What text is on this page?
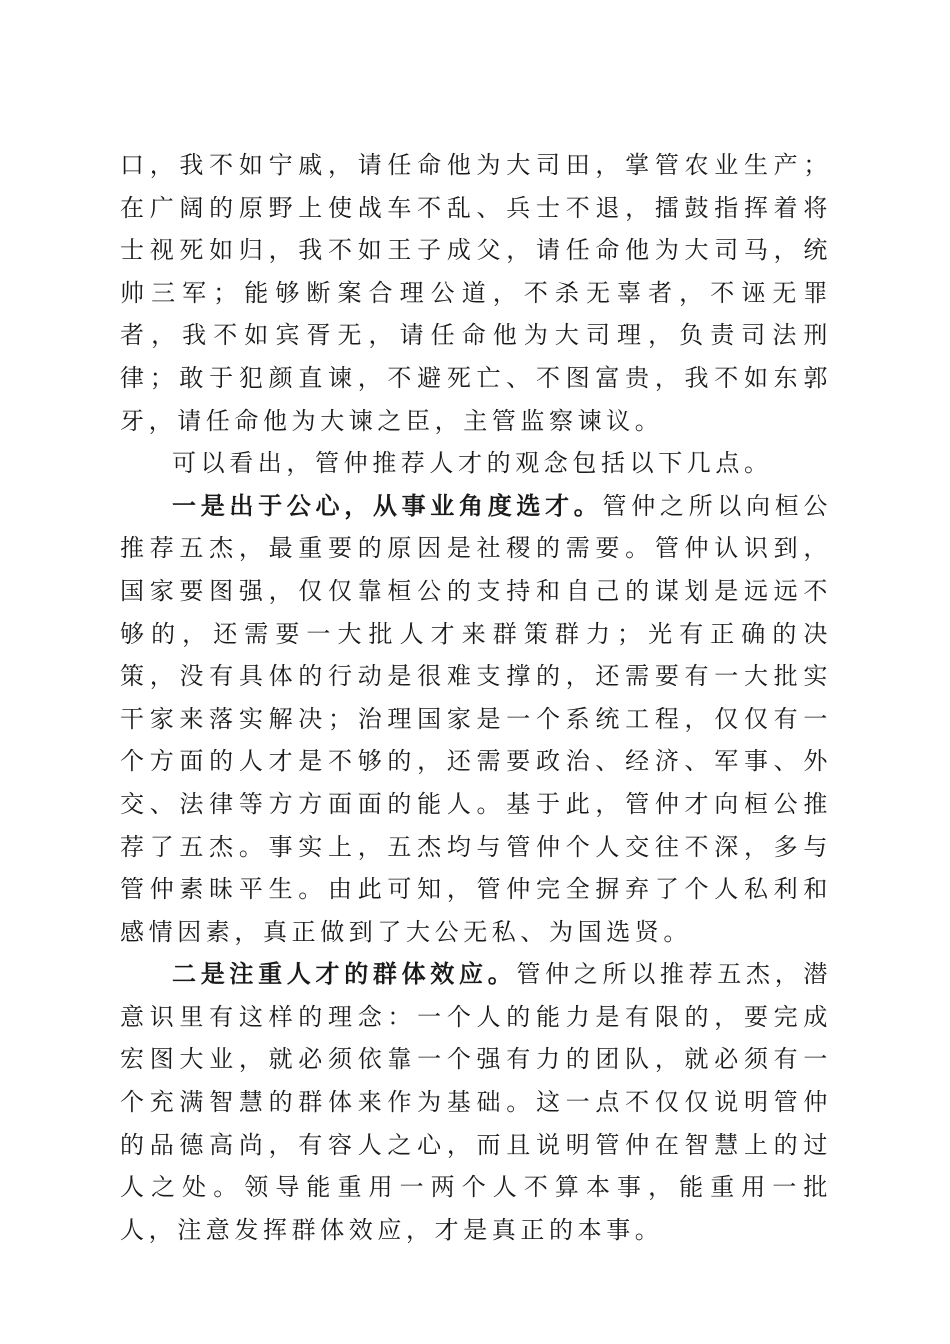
口，我不如宁戚，请任命他为大司田，掌管农业生产；在广阔的原野上使战车不乱、兵士不退，擂鼓指挥着将士视死如归，我不如王子成父，请任命他为大司马，统帅三军；能够断案合理公道，不杀无辜者，不诬无罪者，我不如宾胥无，请任命他为大司理，负责司法刑律；敢于犯颜直谏，不避死亡、不图富贵，我不如东郭牙，请任命他为大谏之臣，主管监察谏议。

可以看出，管仲推荐人才的观念包括以下几点。

一是出于公心，从事业角度选才。管仲之所以向桓公推荐五杰，最重要的原因是社稷的需要。管仲认识到，国家要图强，仅仅靠桓公的支持和自己的谋划是远远不够的，还需要一大批人才来群策群力；光有正确的决策，没有具体的行动是很难支撑的，还需要有一大批实干家来落实解决；治理国家是一个系统工程，仅仅有一个方面的人才是不够的，还需要政治、经济、军事、外交、法律等方方面面的能人。基于此，管仲才向桓公推荐了五杰。事实上，五杰均与管仲个人交往不深，多与管仲素昧平生。由此可知，管仲完全摒弃了个人私利和感情因素，真正做到了大公无私、为国选贤。

二是注重人才的群体效应。管仲之所以推荐五杰，潜意识里有这样的理念：一个人的能力是有限的，要完成宏图大业，就必须依靠一个强有力的团队，就必须有一个充满智慧的群体来作为基础。这一点不仅仅说明管仲的品德高尚，有容人之心，而且说明管仲在智慧上的过人之处。领导能重用一两个人不算本事，能重用一批人，注意发挥群体效应，才是真正的本事。
